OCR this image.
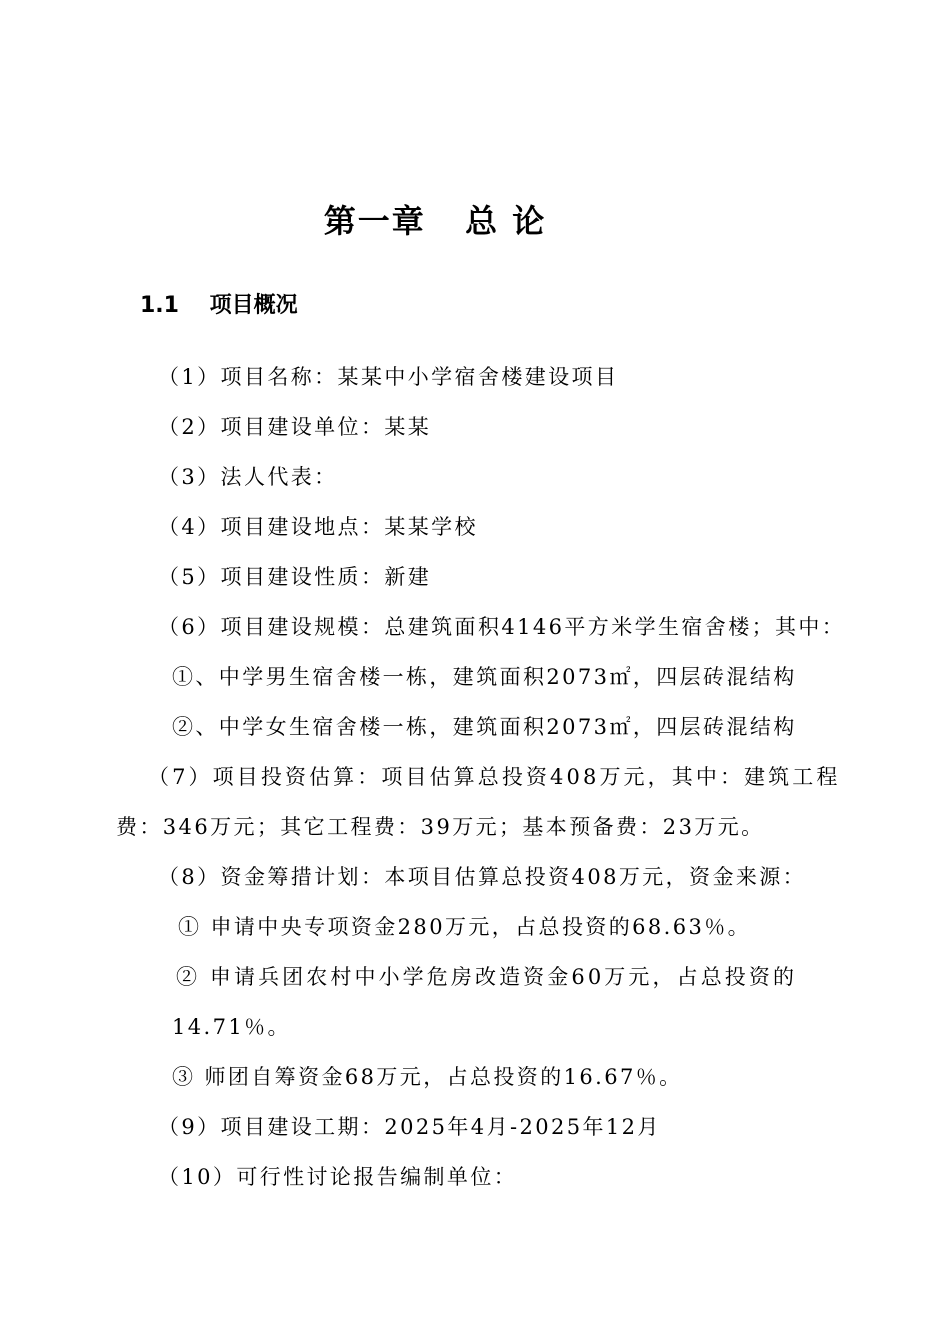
第一章   总 论
1.1    项目概况
（1）项目名称：某某中小学宿舍楼建设项目
（2）项目建设单位：某某
（3）法人代表：
（4）项目建设地点：某某学校
（5）项目建设性质：新建
（6）项目建设规模：总建筑面积4146平方米学生宿舍楼；其中：
①、中学男生宿舍楼一栋，建筑面积2073㎡，四层砖混结构
②、中学女生宿舍楼一栋，建筑面积2073㎡，四层砖混结构
（7）项目投资估算：项目估算总投资408万元，其中：建筑工程
费：346万元；其它工程费：39万元；基本预备费：23万元。
（8）资金筹措计划：本项目估算总投资408万元，资金来源：
① 申请中央专项资金280万元，占总投资的68.63％。
② 申请兵团农村中小学危房改造资金60万元，占总投资的
14.71％。
③ 师团自筹资金68万元，占总投资的16.67％。
（9）项目建设工期：2025年4月-2025年12月
（10）可行性讨论报告编制单位：
